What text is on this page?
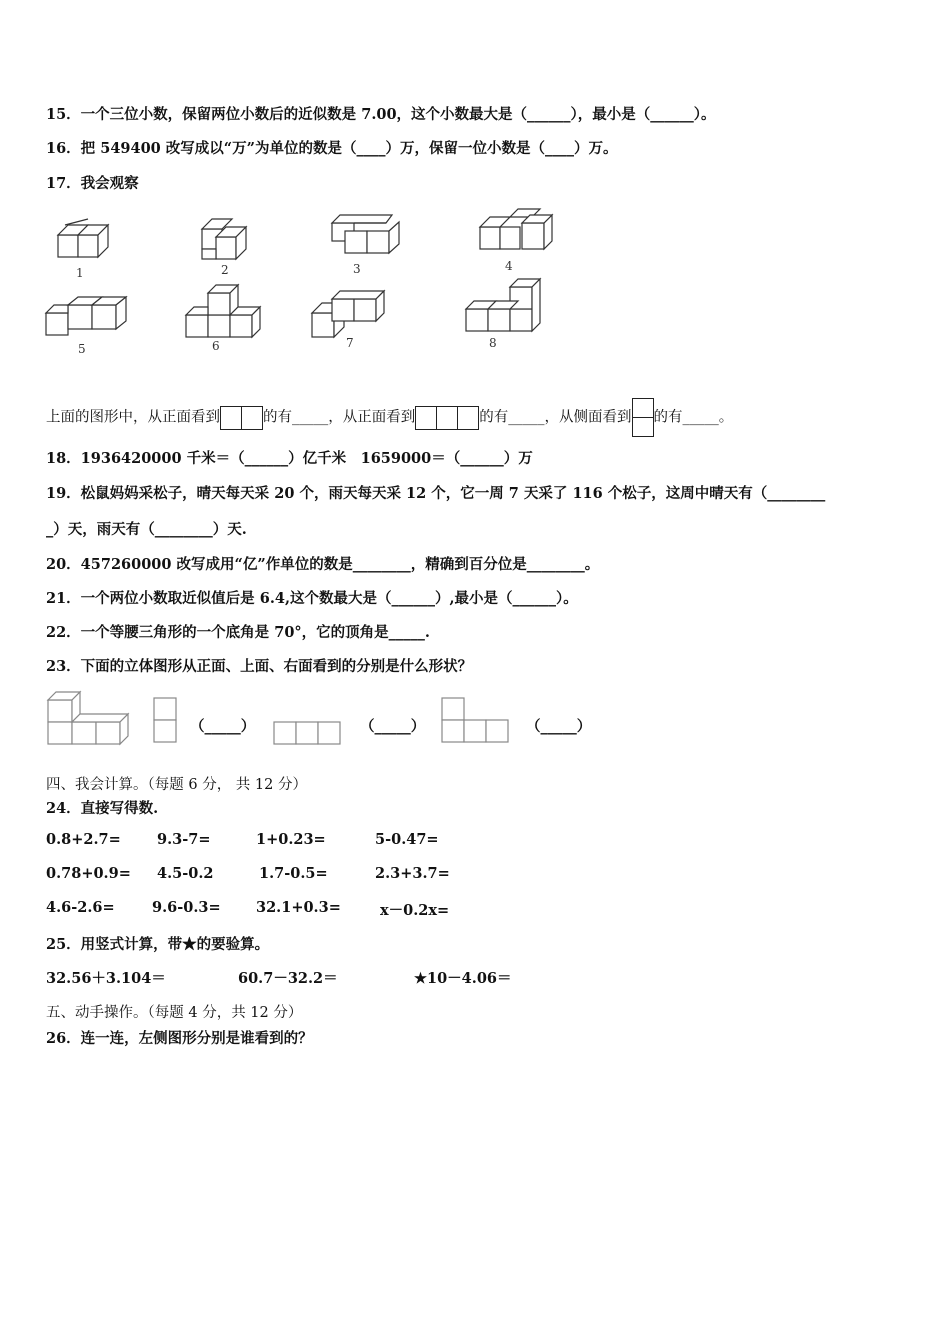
15．一个三位小数，保留两位小数后的近似数是 7.00，这个小数最大是（______），最小是（______）。
16．把 549400 改写成以“万”为单位的数是（____）万，保留一位小数是（____）万。
17．我会观察
1	2	3	4
5	6	7	8
上面的图形中，从正面看到	的有_____，从正面看到	的有_____，从侧面看到 的有_____。
18．1936420000 千米＝（______）亿千米　1659000＝（______）万
19．松鼠妈妈采松子，晴天每天采 20 个，雨天每天采 12 个，它一周 7 天采了 116 个松子，这周中晴天有（________
_）天，雨天有（________）天.
20．457260000 改写成用“亿”作单位的数是________，精确到百分位是________。
21．一个两位小数取近似值后是 6.4,这个数最大是（______）,最小是（______）。
22．一个等腰三角形的一个底角是 70°，它的顶角是_____.
23．下面的立体图形从正面、上面、右面看到的分别是什么形状？
（_____）	（_____）	（_____）
四、我会计算。（每题 6 分， 共 12 分）
24．直接写得数.
0.8+2.7= 9.3-7=	1+0.23=	5-0.47=
0.78+0.9= 4.5-0.2	1.7-0.5=	2.3+3.7=
4.6-2.6=	9.6-0.3= 32.1+0.3=	x－0.2x=
25．用竖式计算，带★的要验算。
32.56＋3.104＝	60.7－32.2＝	★10－4.06＝
五、动手操作。（每题 4 分，共 12 分）
26．连一连，左侧图形分别是谁看到的？
